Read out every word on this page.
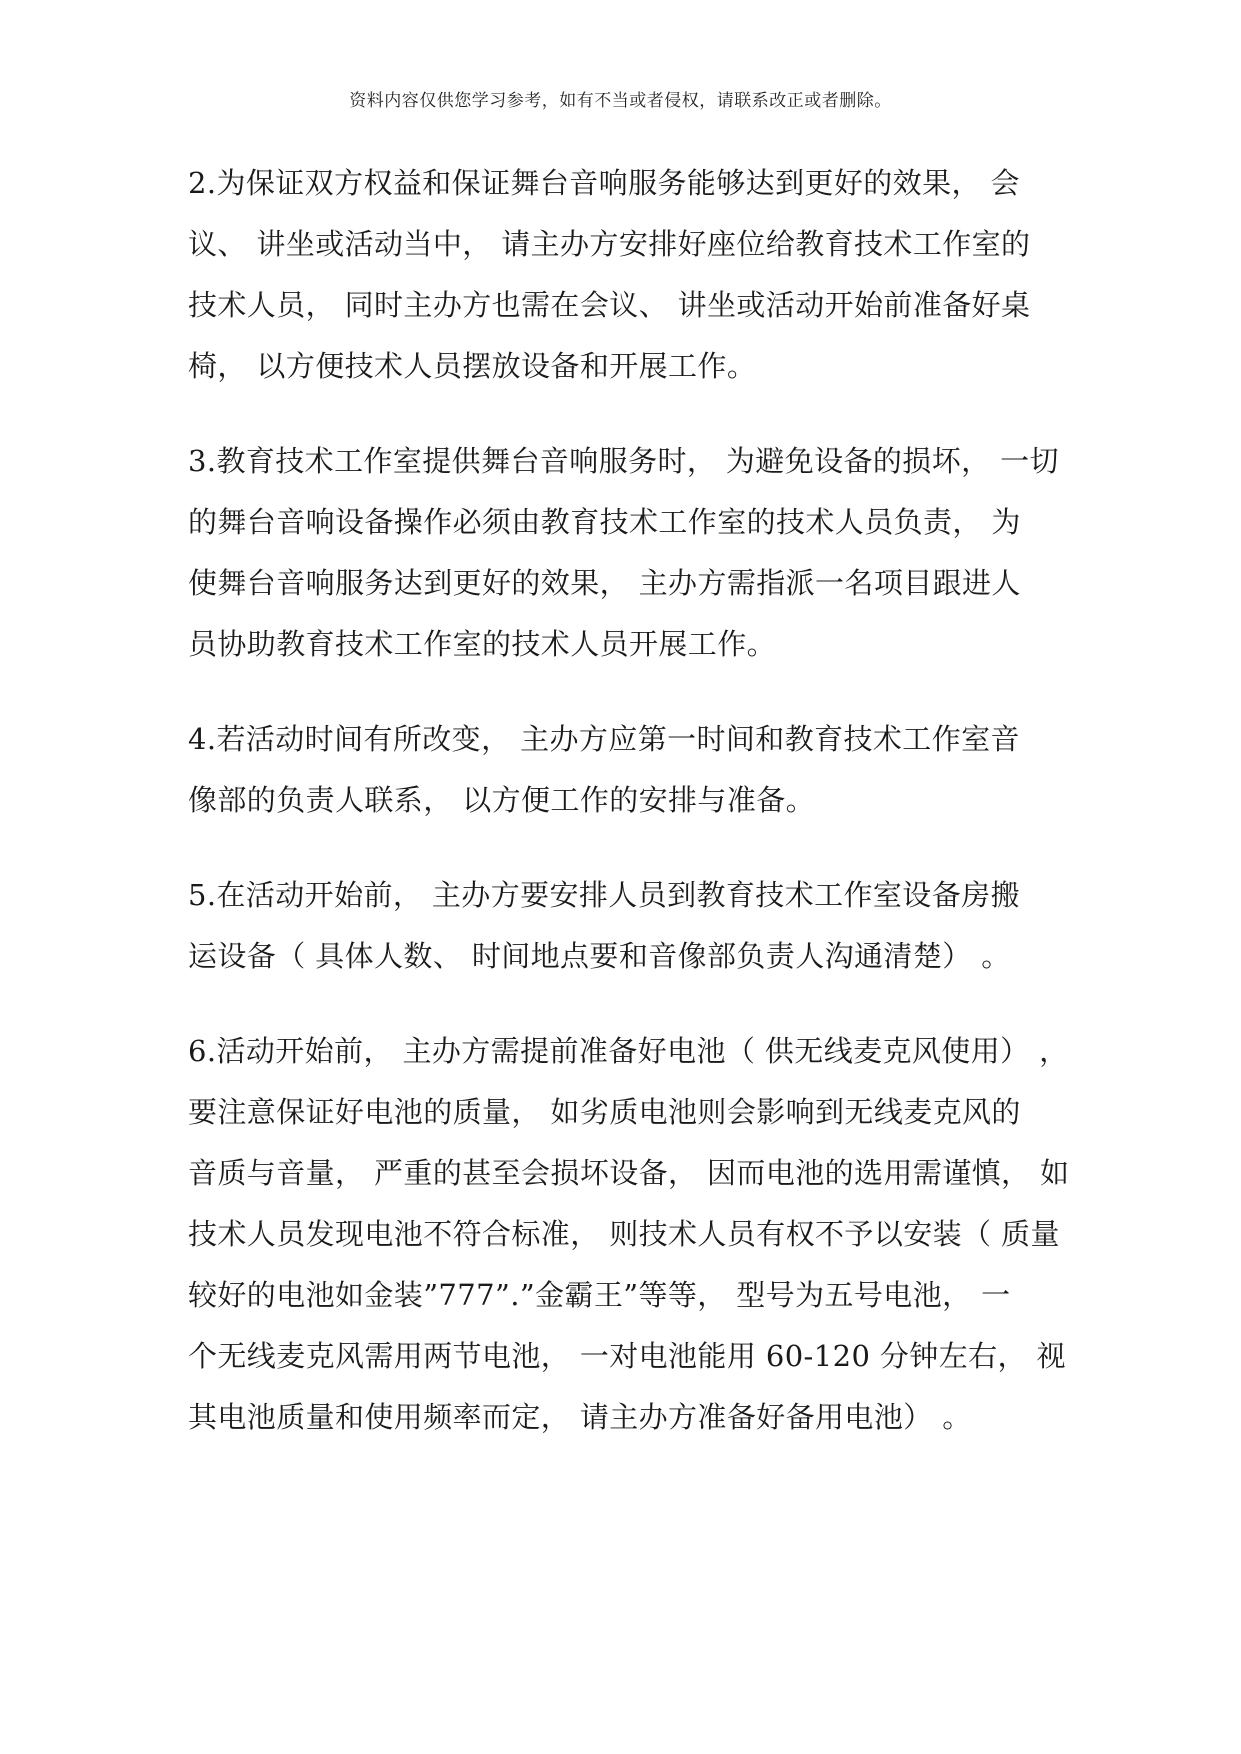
资料内容仅供您学习参考，如有不当或者侵权，请联系改正或者删除。
2.为保证双方权益和保证舞台音响服务能够达到更好的效果， 会
议、 讲坐或活动当中， 请主办方安排好座位给教育技术工作室的
技术人员， 同时主办方也需在会议、 讲坐或活动开始前准备好桌
椅， 以方便技术人员摆放设备和开展工作。
3.教育技术工作室提供舞台音响服务时， 为避免设备的损坏， 一切
的舞台音响设备操作必须由教育技术工作室的技术人员负责， 为
使舞台音响服务达到更好的效果， 主办方需指派一名项目跟进人
员协助教育技术工作室的技术人员开展工作。
4.若活动时间有所改变， 主办方应第一时间和教育技术工作室音
像部的负责人联系， 以方便工作的安排与准备。
5.在活动开始前， 主办方要安排人员到教育技术工作室设备房搬
运设备（ 具体人数、 时间地点要和音像部负责人沟通清楚） 。
6.活动开始前， 主办方需提前准备好电池（ 供无线麦克风使用） ，
要注意保证好电池的质量， 如劣质电池则会影响到无线麦克风的
音质与音量， 严重的甚至会损坏设备， 因而电池的选用需谨慎， 如
技术人员发现电池不符合标准， 则技术人员有权不予以安装（ 质量
较好的电池如金装”777”.”金霸王”等等， 型号为五号电池， 一
个无线麦克风需用两节电池， 一对电池能用 60-120 分钟左右， 视
其电池质量和使用频率而定， 请主办方准备好备用电池） 。
